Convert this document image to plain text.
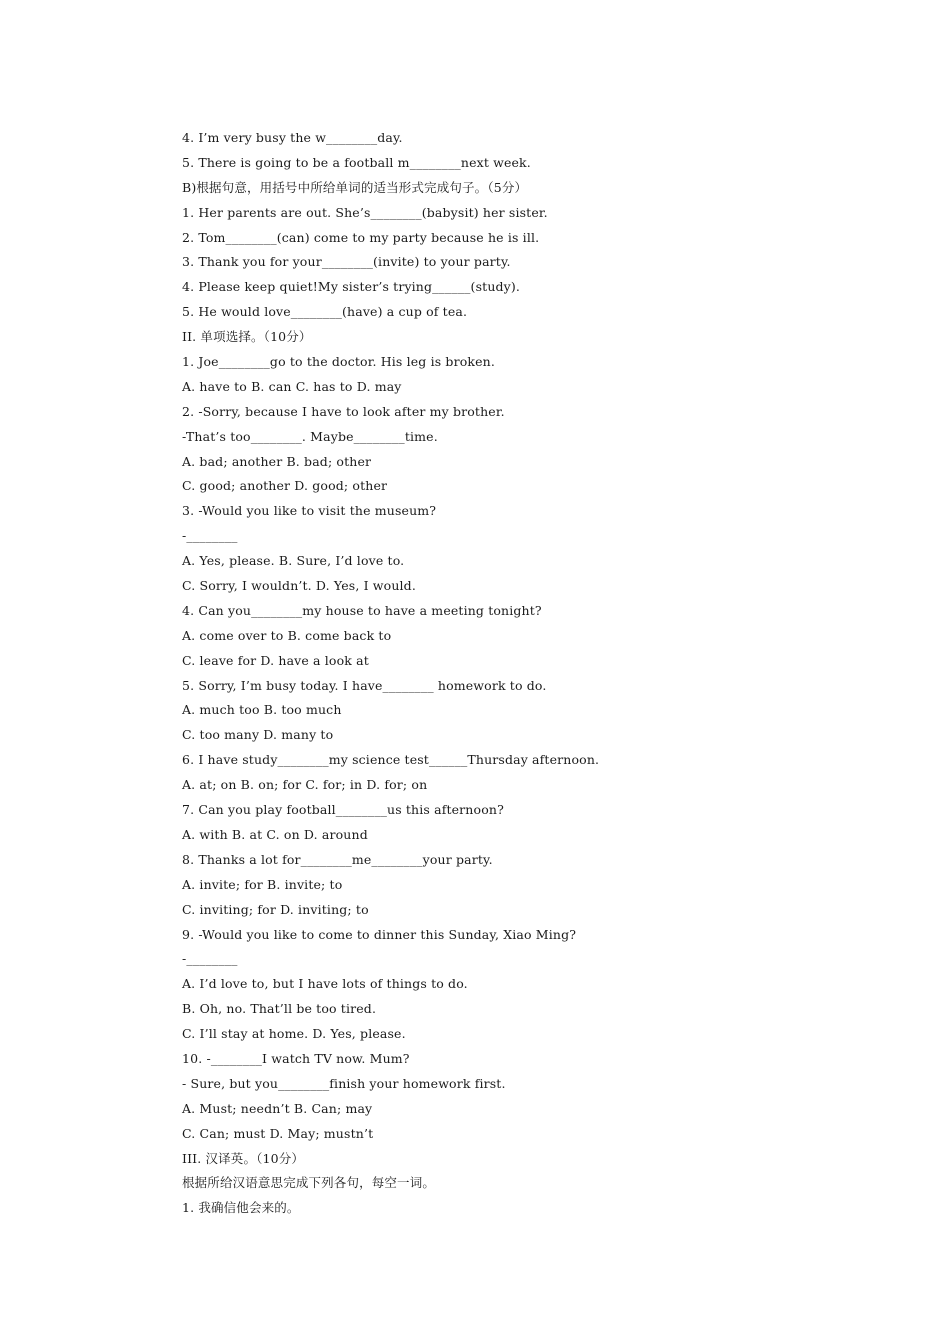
4. I’m very busy the w________day.
5. There is going to be a football m________next week.
B)根据句意，用括号中所给单词的适当形式完成句子。（5分）
1. Her parents are out. She’s________(babysit) her sister.
2. Tom________(can) come to my party because he is ill.
3. Thank you for your________(invite) to your party.
4. Please keep quiet!My sister’s trying______(study).
5. He would love________(have) a cup of tea.
II. 单项选择。（10分）
1. Joe________go to the doctor. His leg is broken.
A. have to B. can C. has to D. may
2. -Sorry, because I have to look after my brother.
-That’s too________. Maybe________time.
A. bad; another B. bad; other
C. good; another D. good; other
3. -Would you like to visit the museum?
-________
A. Yes, please. B. Sure, I’d love to.
C. Sorry, I wouldn’t. D. Yes, I would.
4. Can you________my house to have a meeting tonight?
A. come over to B. come back to
C. leave for D. have a look at
5. Sorry, I’m busy today. I have________ homework to do.
A. much too B. too much
C. too many D. many to
6. I have study________my science test______Thursday afternoon.
A. at; on B. on; for C. for; in D. for; on
7. Can you play football________us this afternoon?
A. with B. at C. on D. around
8. Thanks a lot for________me________your party.
A. invite; for B. invite; to
C. inviting; for D. inviting; to
9. -Would you like to come to dinner this Sunday, Xiao Ming?
-________
A. I’d love to, but I have lots of things to do.
B. Oh, no. That’ll be too tired.
C. I’ll stay at home. D. Yes, please.
10. -________I watch TV now. Mum?
- Sure, but you________finish your homework first.
A. Must; needn’t B. Can; may
C. Can; must D. May; mustn’t
III. 汉译英。（10分）
根据所给汉语意思完成下列各句，每空一词。
1. 我确信他会来的。
